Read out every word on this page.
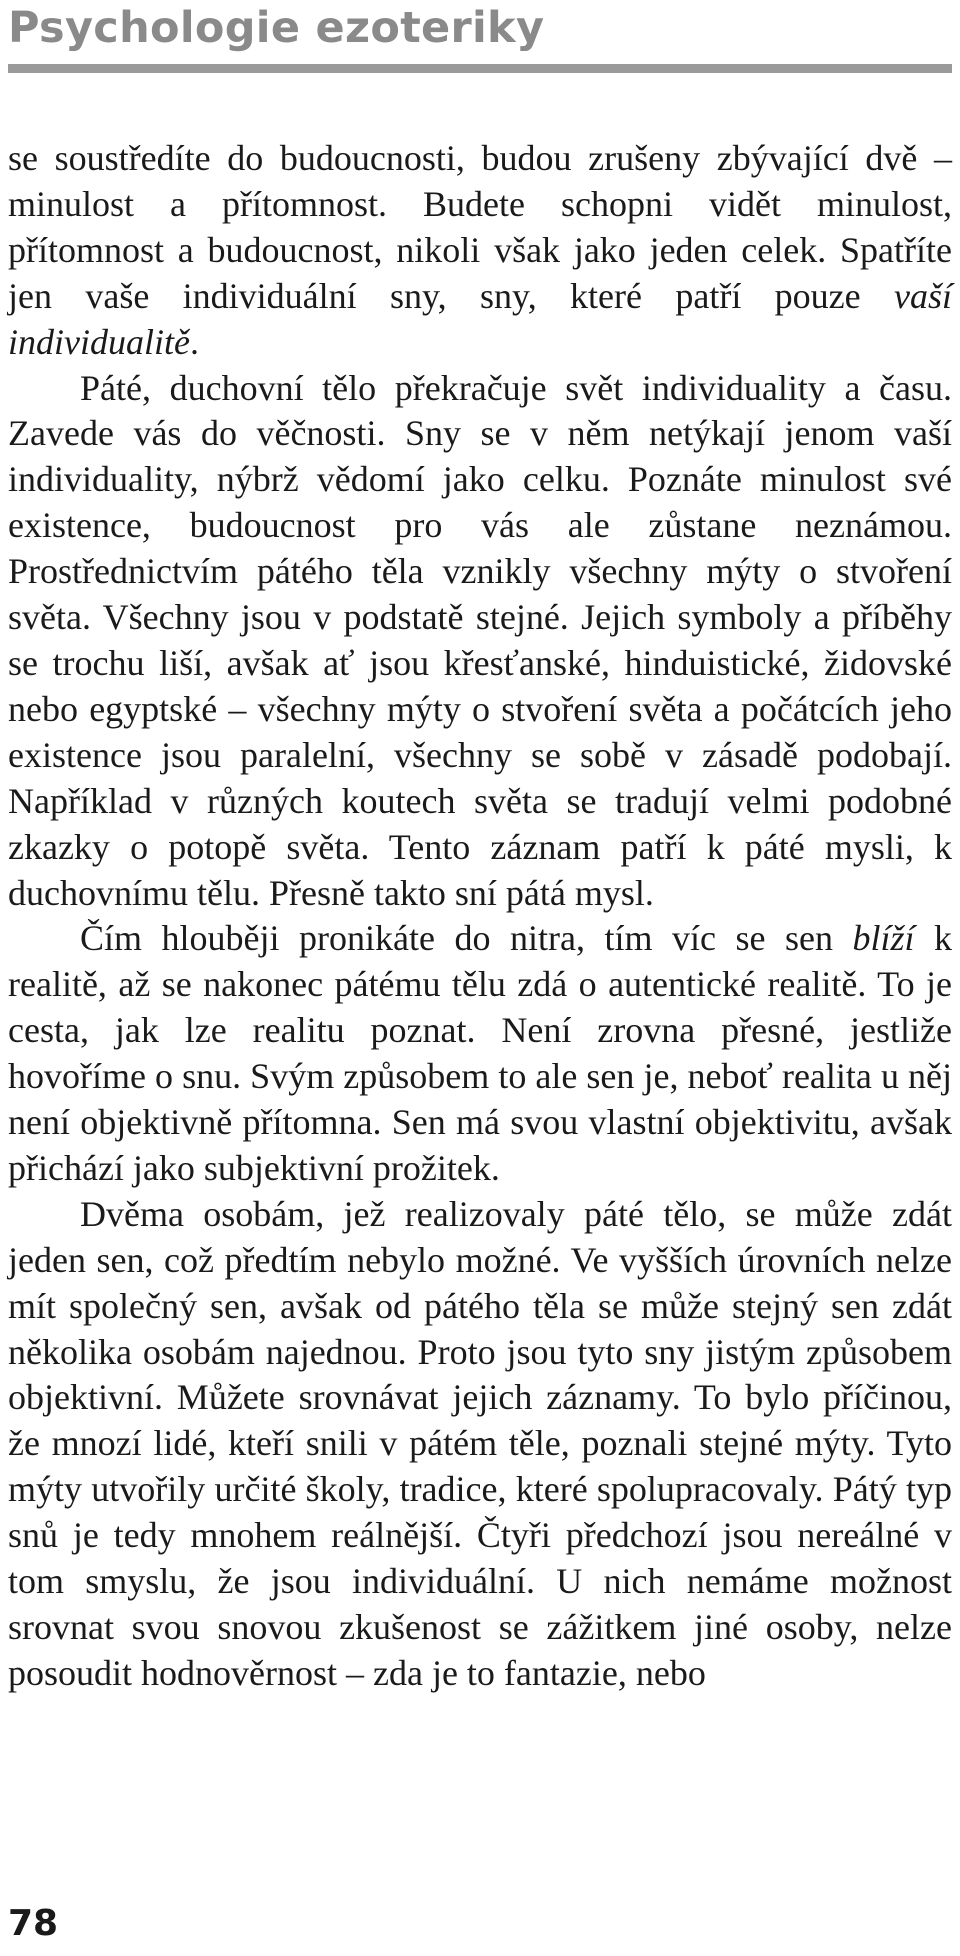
Psychologie ezoteriky

se soustředíte do budoucnosti, budou zrušeny zbývající dvě – minulost a přítomnost. Budete schopni vidět minulost, přítomnost a budoucnost, nikoli však jako jeden celek. Spatříte jen vaše individuální sny, sny, které patří pouze vaší individualitě.

Páté, duchovní tělo překračuje svět individuality a času. Zavede vás do věčnosti. Sny se v něm netýkají jenom vaší individuality, nýbrž vědomí jako celku. Poznáte minulost své existence, budoucnost pro vás ale zůstane neznámou. Prostřednictvím pátého těla vznikly všechny mýty o stvoření světa. Všechny jsou v podstatě stejné. Jejich symboly a příběhy se trochu liší, avšak ať jsou křesťanské, hinduistické, židovské nebo egyptské – všechny mýty o stvoření světa a počátcích jeho existence jsou paralelní, všechny se sobě v zásadě podobají. Například v různých koutech světa se tradují velmi podobné zkazky o potopě světa. Tento záznam patří k páté mysli, k duchovnímu tělu. Přesně takto sní pátá mysl.

Čím hlouběji pronikáte do nitra, tím víc se sen blíží k realitě, až se nakonec pátému tělu zdá o autentické realitě. To je cesta, jak lze realitu poznat. Není zrovna přesné, jestliže hovoříme o snu. Svým způsobem to ale sen je, neboť realita u něj není objektivně přítomna. Sen má svou vlastní objektivitu, avšak přichází jako subjektivní prožitek.

Dvěma osobám, jež realizovaly páté tělo, se může zdát jeden sen, což předtím nebylo možné. Ve vyšších úrovních nelze mít společný sen, avšak od pátého těla se může stejný sen zdát několika osobám najednou. Proto jsou tyto sny jistým způsobem objektivní. Můžete srovnávat jejich záznamy. To bylo příčinou, že mnozí lidé, kteří snili v pátém těle, poznali stejné mýty. Tyto mýty utvořily určité školy, tradice, které spolupracovaly. Pátý typ snů je tedy mnohem reálnější. Čtyři předchozí jsou nereálné v tom smyslu, že jsou individuální. U nich nemáme možnost srovnat svou snovou zkušenost se zážitkem jiné osoby, nelze posoudit hodnověrnost – zda je to fantazie, nebo

78
